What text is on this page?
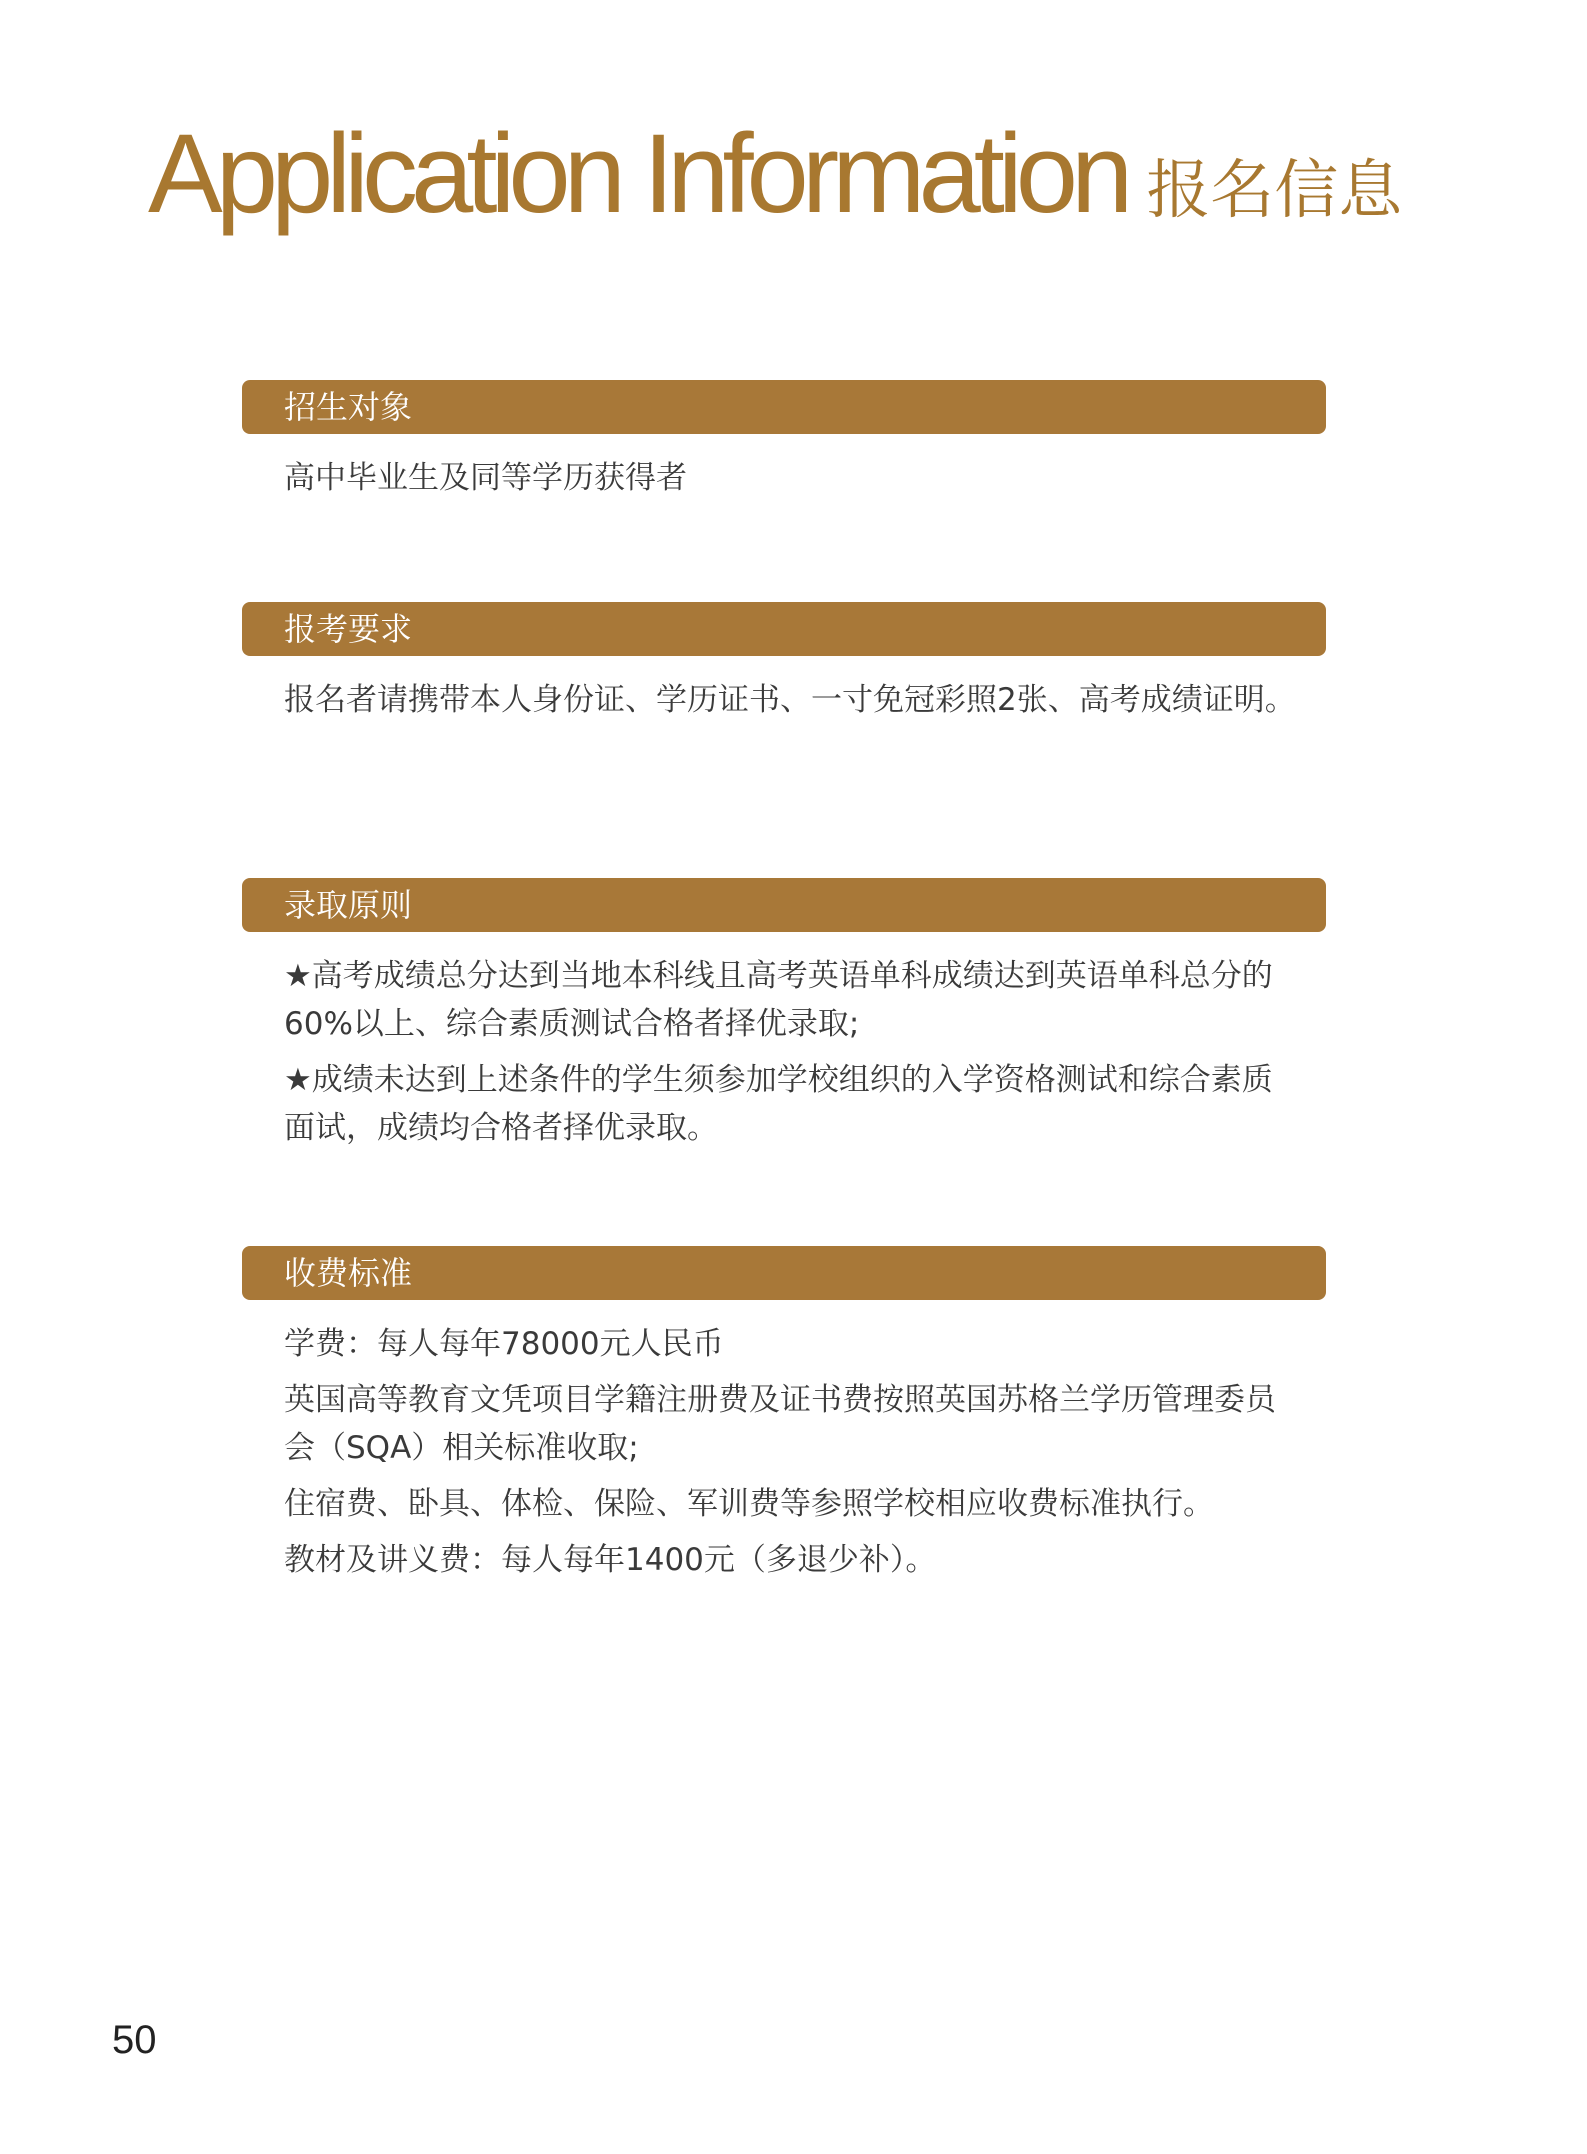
Application Information 报名信息
招生对象

高中毕业生及同等学历获得者

报考要求

报名者请携带本人身份证、学历证书、一寸免冠彩照2张、高考成绩证明。

录取原则

★高考成绩总分达到当地本科线且高考英语单科成绩达到英语单科总分的60%以上、综合素质测试合格者择优录取;

★成绩未达到上述条件的学生须参加学校组织的入学资格测试和综合素质面试，成绩均合格者择优录取。

收费标准

学费：每人每年78000元人民币

英国高等教育文凭项目学籍注册费及证书费按照英国苏格兰学历管理委员会（SQA）相关标准收取;

住宿费、卧具、体检、保险、军训费等参照学校相应收费标准执行。

教材及讲义费：每人每年1400元（多退少补）。

50
